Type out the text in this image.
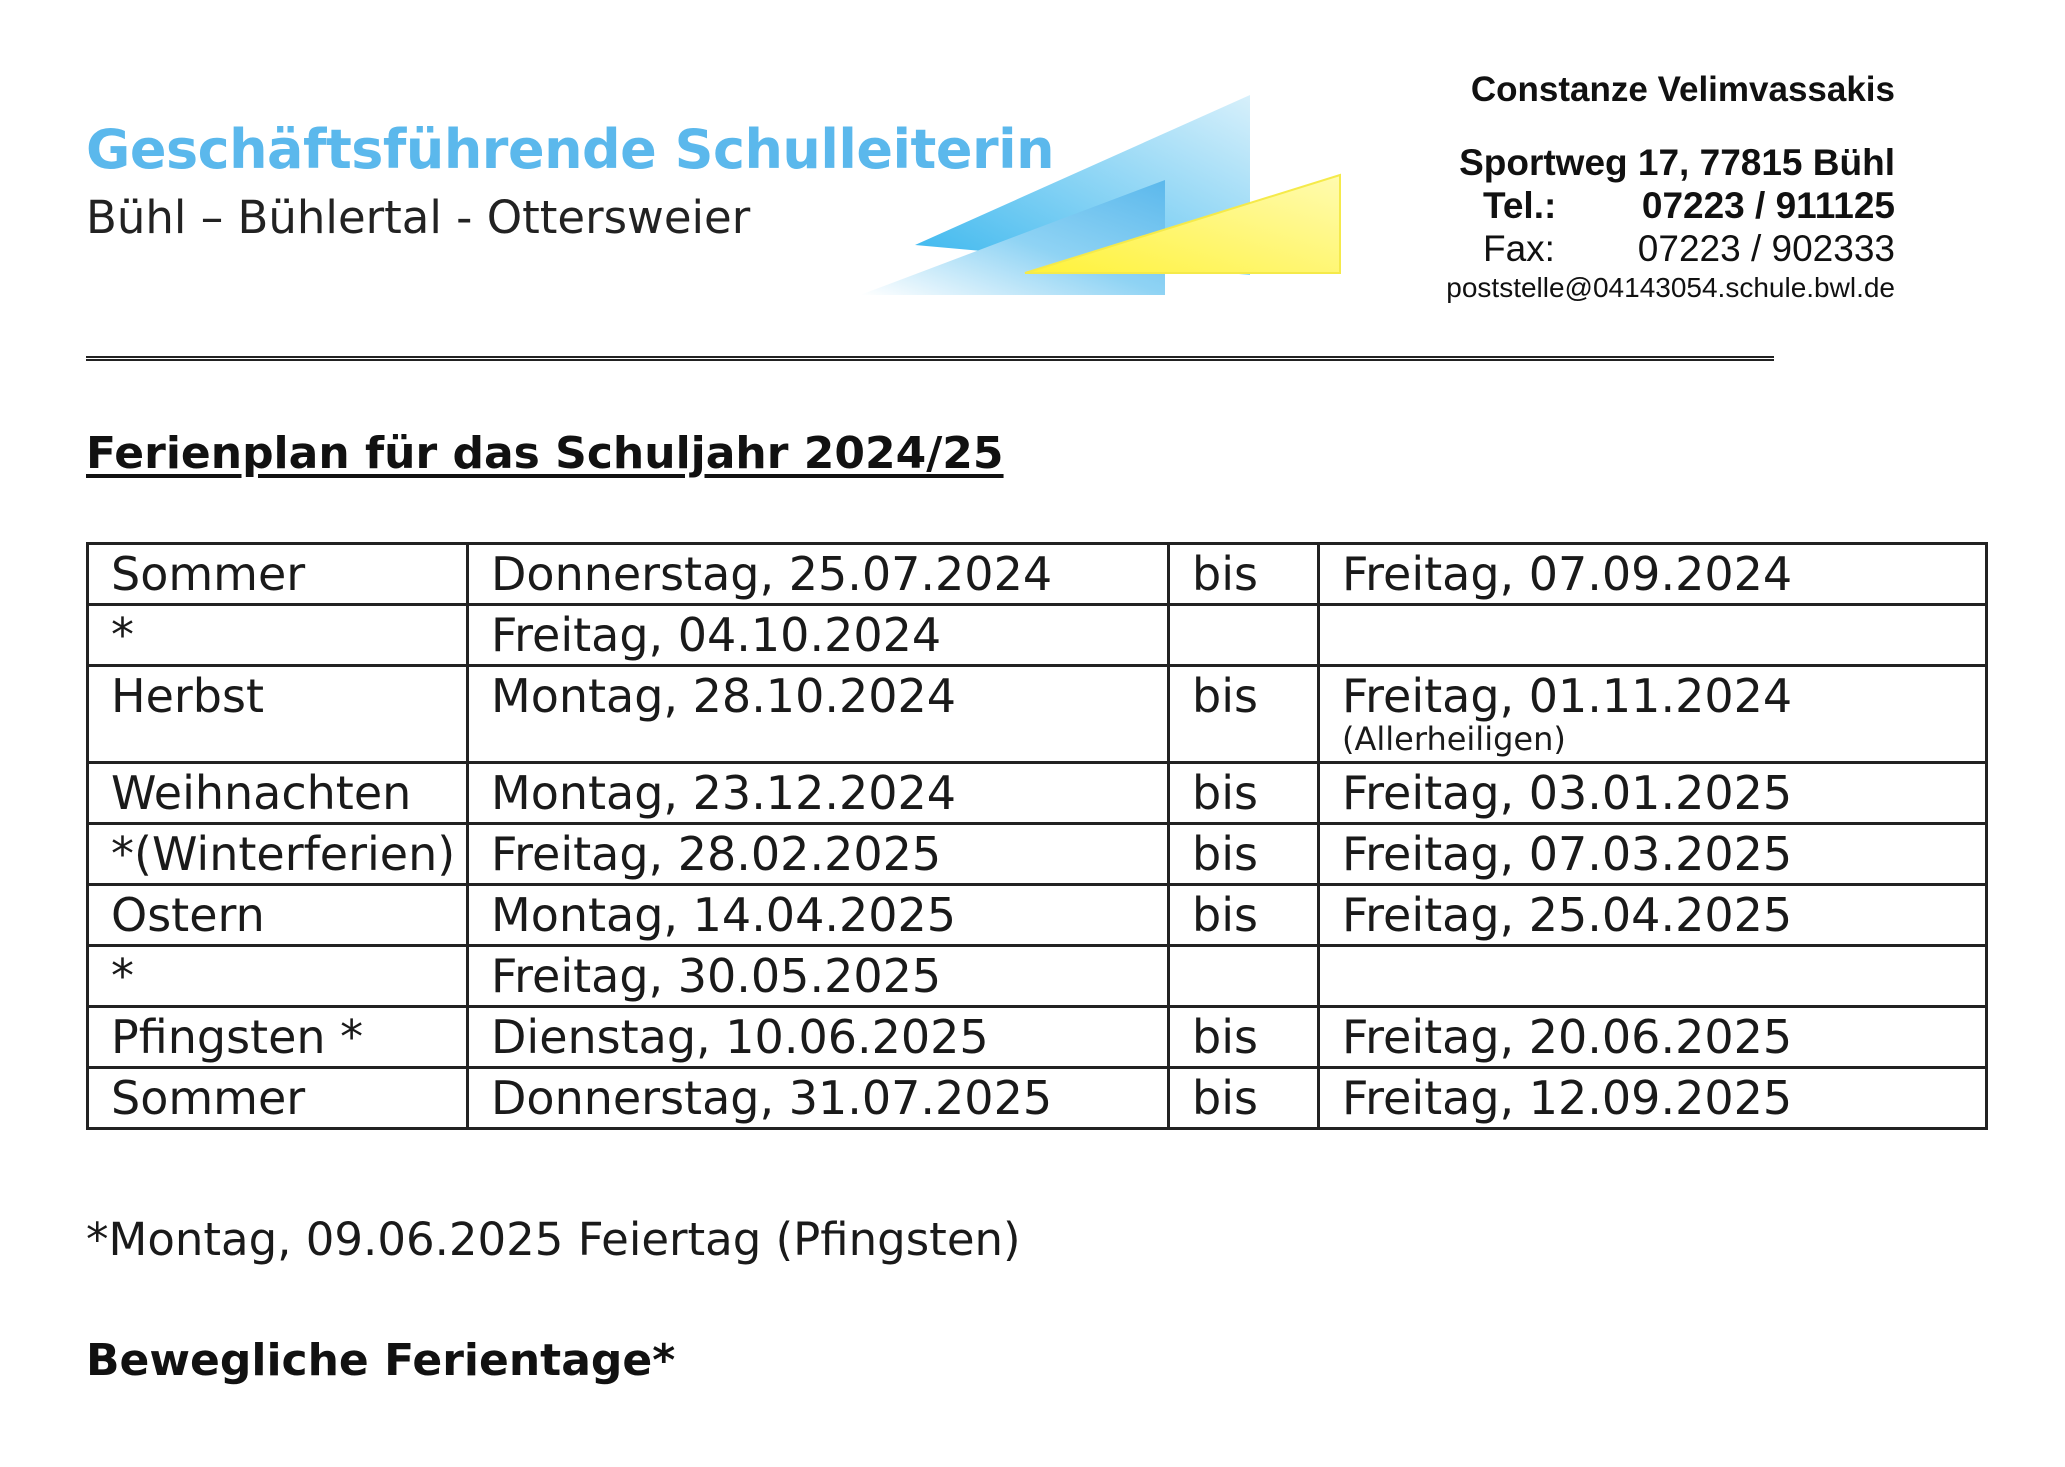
Geschäftsführende Schulleiterin
Bühl – Bühlertal - Ottersweier
Constanze Velimvassakis
Sportweg 17, 77815 Bühl
Tel.:	07223 / 911125
Fax:	07223 / 902333
poststelle@04143054.schule.bwl.de
Ferienplan für das Schuljahr 2024/25
Sommer	Donnerstag, 25.07.2024	bis	Freitag, 07.09.2024
*	Freitag, 04.10.2024		
Herbst	Montag, 28.10.2024	bis	Freitag, 01.11.2024
(Allerheiligen)

Weihnachten	Montag, 23.12.2024	bis	Freitag, 03.01.2025
*(Winterferien)	Freitag, 28.02.2025	bis	Freitag, 07.03.2025
Ostern	Montag, 14.04.2025	bis	Freitag, 25.04.2025
*	Freitag, 30.05.2025		
Pfingsten *	Dienstag, 10.06.2025	bis	Freitag, 20.06.2025
Sommer	Donnerstag, 31.07.2025	bis	Freitag, 12.09.2025
*Montag, 09.06.2025 Feiertag (Pfingsten)
Bewegliche Ferientage*
